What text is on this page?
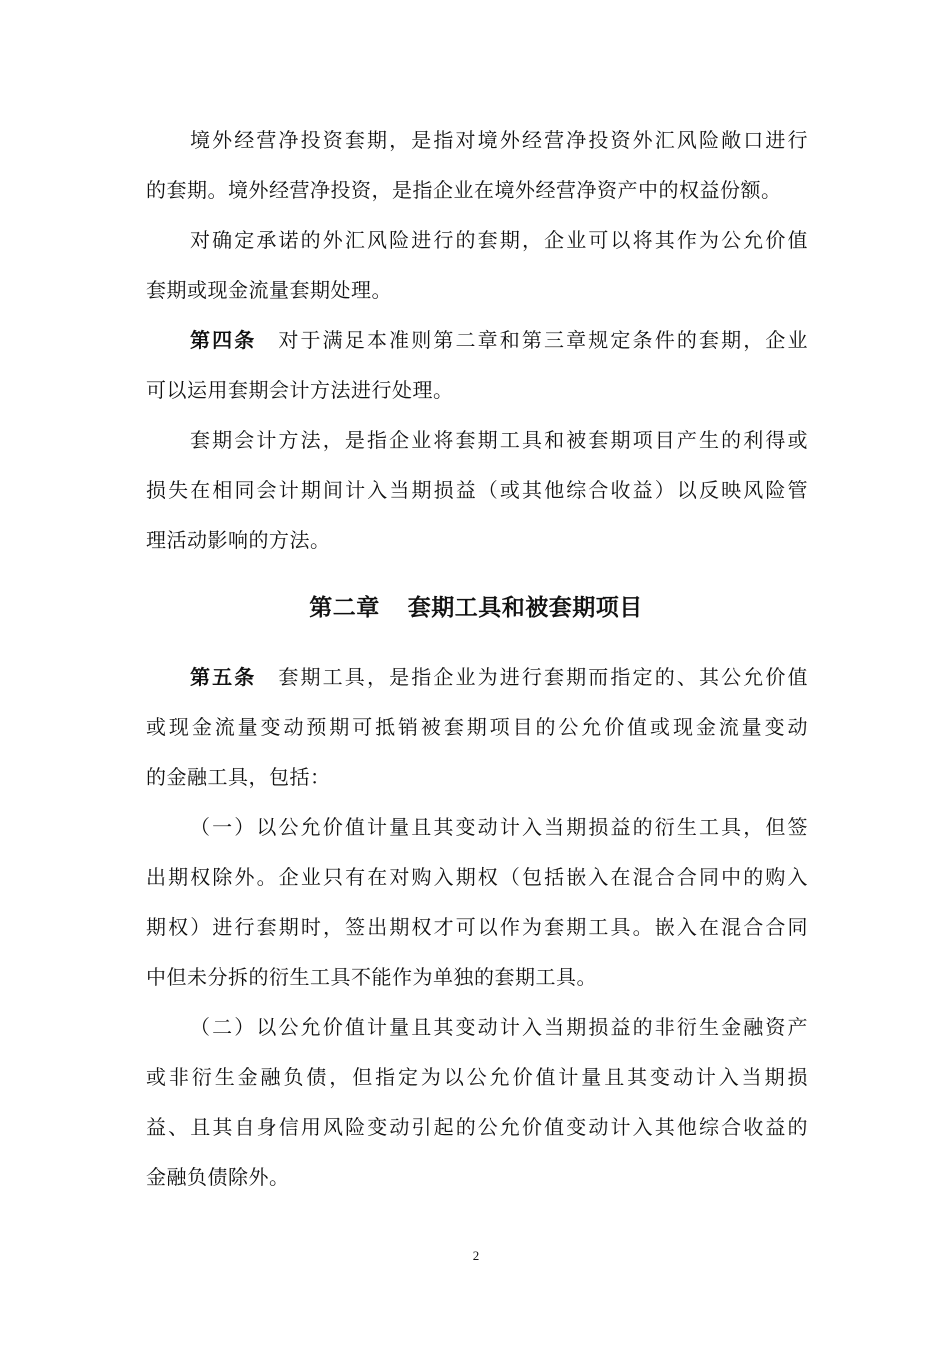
境外经营净投资套期，是指对境外经营净投资外汇风险敞口进行
的套期。境外经营净投资，是指企业在境外经营净资产中的权益份额。
对确定承诺的外汇风险进行的套期，企业可以将其作为公允价值
套期或现金流量套期处理。
第四条 对于满足本准则第二章和第三章规定条件的套期，企业
可以运用套期会计方法进行处理。
套期会计方法，是指企业将套期工具和被套期项目产生的利得或
损失在相同会计期间计入当期损益（或其他综合收益）以反映风险管
理活动影响的方法。
第二章 套期工具和被套期项目
第五条 套期工具，是指企业为进行套期而指定的、其公允价值
或现金流量变动预期可抵销被套期项目的公允价值或现金流量变动
的金融工具，包括：
（一）以公允价值计量且其变动计入当期损益的衍生工具，但签
出期权除外。企业只有在对购入期权（包括嵌入在混合合同中的购入
期权）进行套期时，签出期权才可以作为套期工具。嵌入在混合合同
中但未分拆的衍生工具不能作为单独的套期工具。
（二）以公允价值计量且其变动计入当期损益的非衍生金融资产
或非衍生金融负债，但指定为以公允价值计量且其变动计入当期损
益、且其自身信用风险变动引起的公允价值变动计入其他综合收益的
金融负债除外。
2
